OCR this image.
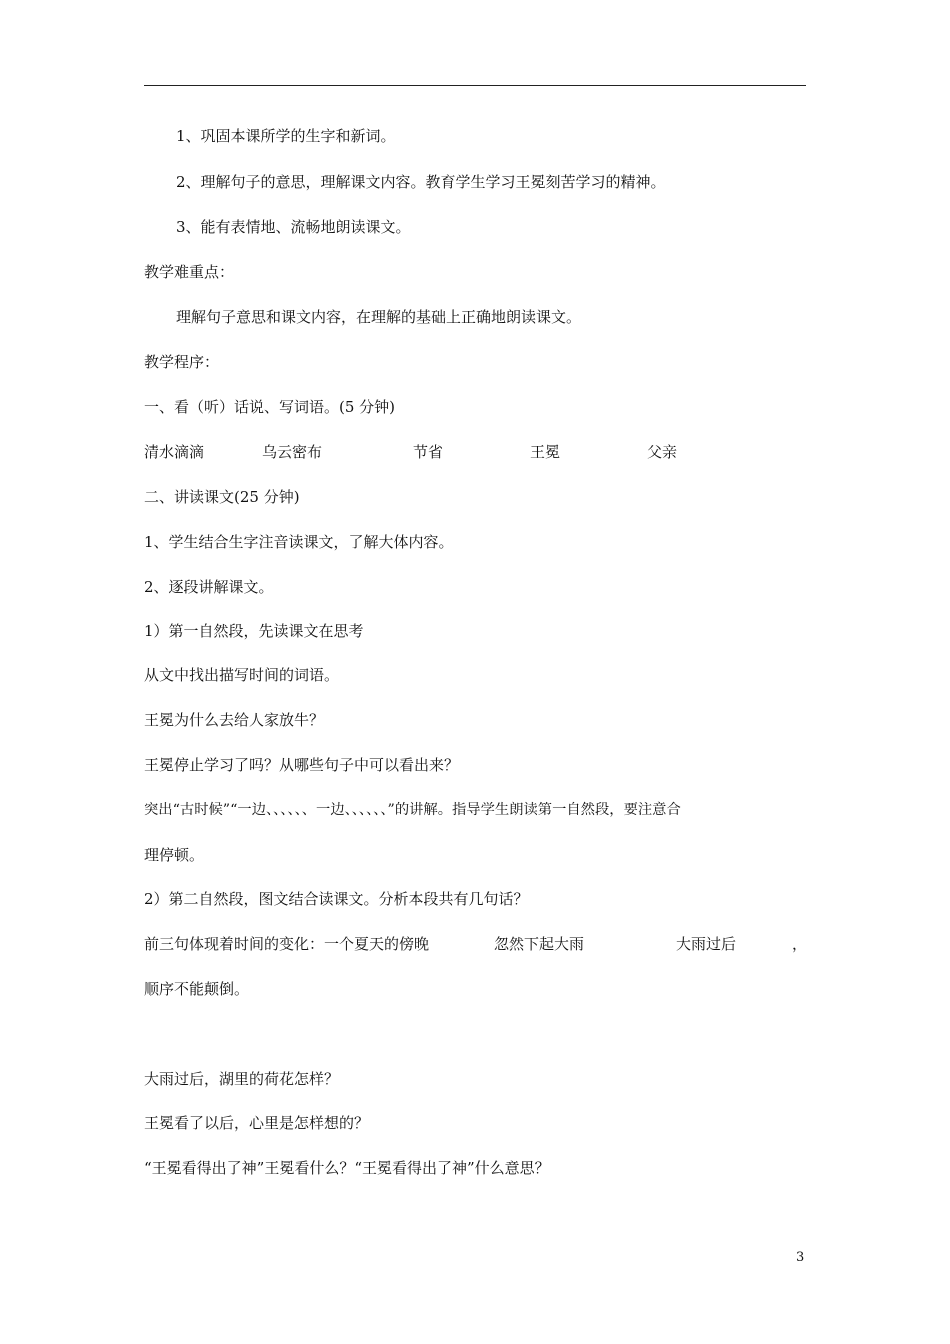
1、巩固本课所学的生字和新词。
2、理解句子的意思，理解课文内容。教育学生学习王冕刻苦学习的精神。
3、能有表情地、流畅地朗读课文。
教学难重点：
理解句子意思和课文内容，在理解的基础上正确地朗读课文。
教学程序：
一、看（听）话说、写词语。(5 分钟)
清水滴滴	乌云密布	节省	王冕	父亲
二、讲读课文(25 分钟)
1、学生结合生字注音读课文，了解大体内容。
2、逐段讲解课文。
1）第一自然段，先读课文在思考
从文中找出描写时间的词语。
王冕为什么去给人家放牛？
王冕停止学习了吗？从哪些句子中可以看出来？
突出“古时候”“一边、、、、、、一边、、、、、、”的讲解。指导学生朗读第一自然段，要注意合
理停顿。
2）第二自然段，图文结合读课文。分析本段共有几句话？
前三句体现着时间的变化：一个夏天的傍晚	忽然下起大雨	大雨过后	，
顺序不能颠倒。
大雨过后，湖里的荷花怎样？
王冕看了以后，心里是怎样想的？
“王冕看得出了神”王冕看什么？“王冕看得出了神”什么意思？
3
